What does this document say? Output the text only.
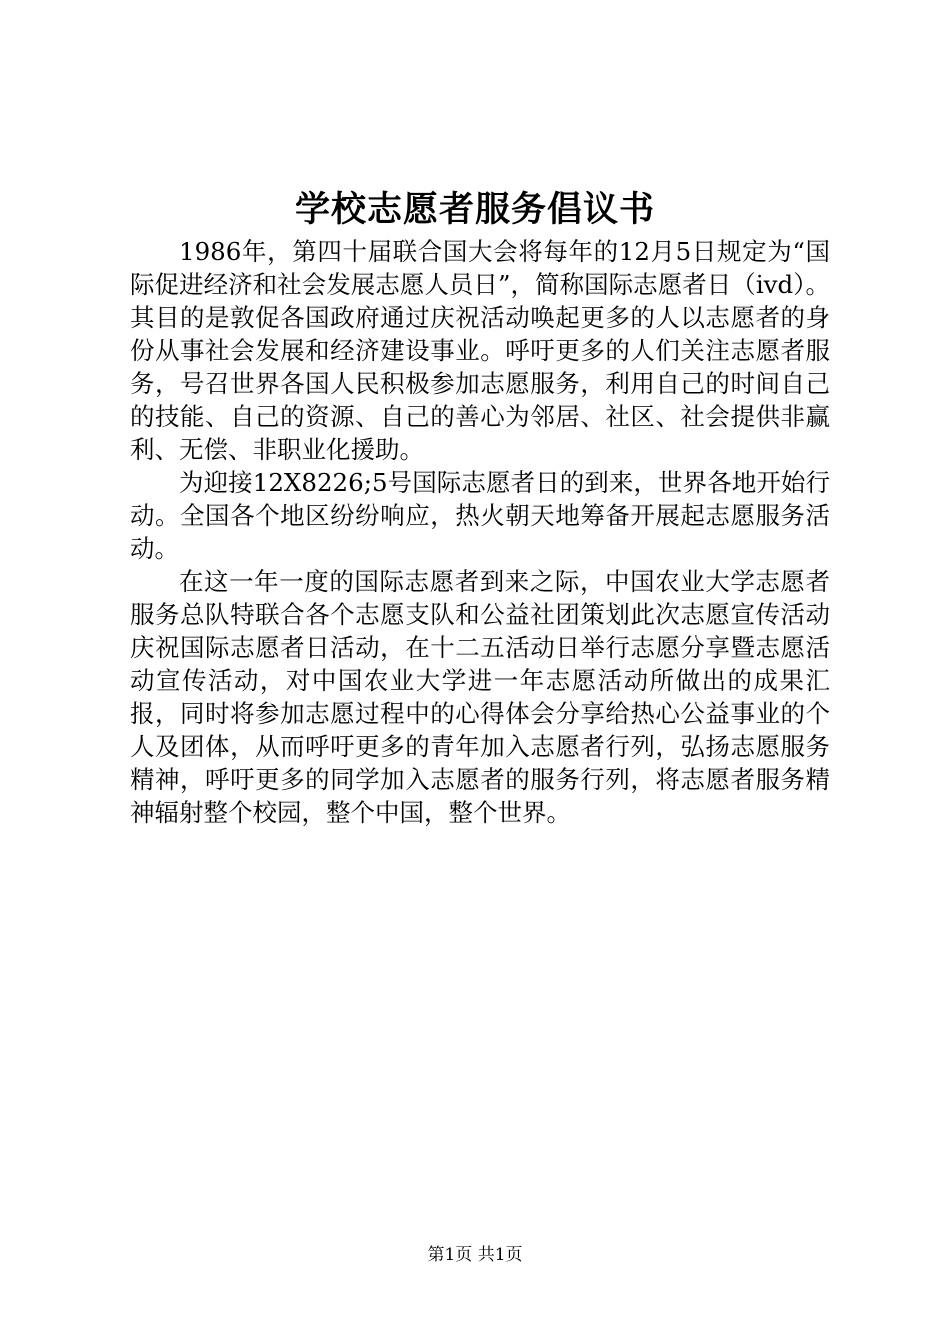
学校志愿者服务倡议书

1986年，第四十届联合国大会将每年的12月5日规定为“国际促进经济和社会发展志愿人员日”，简称国际志愿者日（ivd）。其目的是敦促各国政府通过庆祝活动唤起更多的人以志愿者的身份从事社会发展和经济建设事业。呼吁更多的人们关注志愿者服务，号召世界各国人民积极参加志愿服务，利用自己的时间自己的技能、自己的资源、自己的善心为邻居、社区、社会提供非赢利、无偿、非职业化援助。

为迎接12X8226;5号国际志愿者日的到来，世界各地开始行动。全国各个地区纷纷响应，热火朝天地筹备开展起志愿服务活动。

在这一年一度的国际志愿者到来之际，中国农业大学志愿者服务总队特联合各个志愿支队和公益社团策划此次志愿宣传活动庆祝国际志愿者日活动，在十二五活动日举行志愿分享暨志愿活动宣传活动，对中国农业大学进一年志愿活动所做出的成果汇报，同时将参加志愿过程中的心得体会分享给热心公益事业的个人及团体，从而呼吁更多的青年加入志愿者行列，弘扬志愿服务精神，呼吁更多的同学加入志愿者的服务行列，将志愿者服务精神辐射整个校园，整个中国，整个世界。

第1页 共1页
